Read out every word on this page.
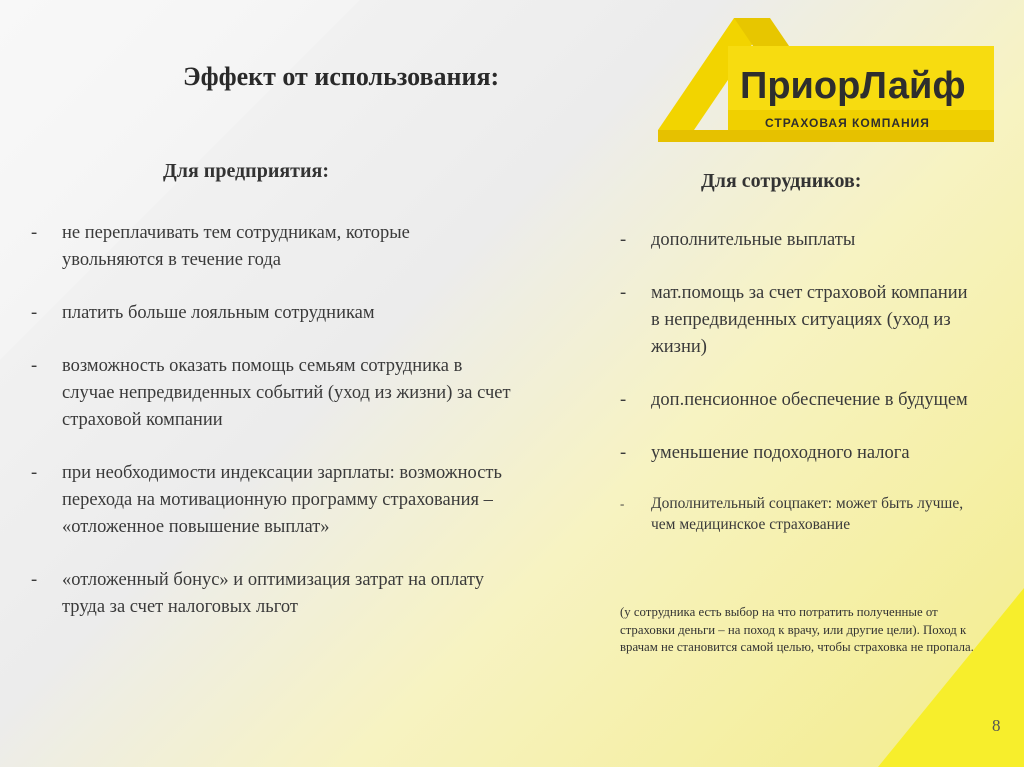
Эффект от использования:	ПриорЛайф
СТРАХОВАЯ КОМПАНИЯ
Для предприятия:
- не переплачивать тем сотрудникам, которые увольняются в течение года
- платить больше лояльным сотрудникам
- возможность оказать помощь семьям сотрудника в случае непредвиденных событий (уход из жизни) за счет страховой компании
- при необходимости индексации зарплаты: возможность перехода на мотивационную программу страхования – «отложенное повышение выплат»
- «отложенный бонус» и оптимизация затрат на оплату труда за счет налоговых льгот
Для сотрудников:
- дополнительные выплаты
- мат.помощь за счет страховой компании в непредвиденных ситуациях (уход из жизни)
- доп.пенсионное обеспечение в будущем
- уменьшение подоходного налога
- Дополнительный соцпакет: может быть лучше, чем медицинское страхование
(у сотрудника есть выбор на что потратить полученные от страховки деньги – на поход к врачу, или другие цели). Поход к врачам не становится самой целью, чтобы страховка не пропала.
8
